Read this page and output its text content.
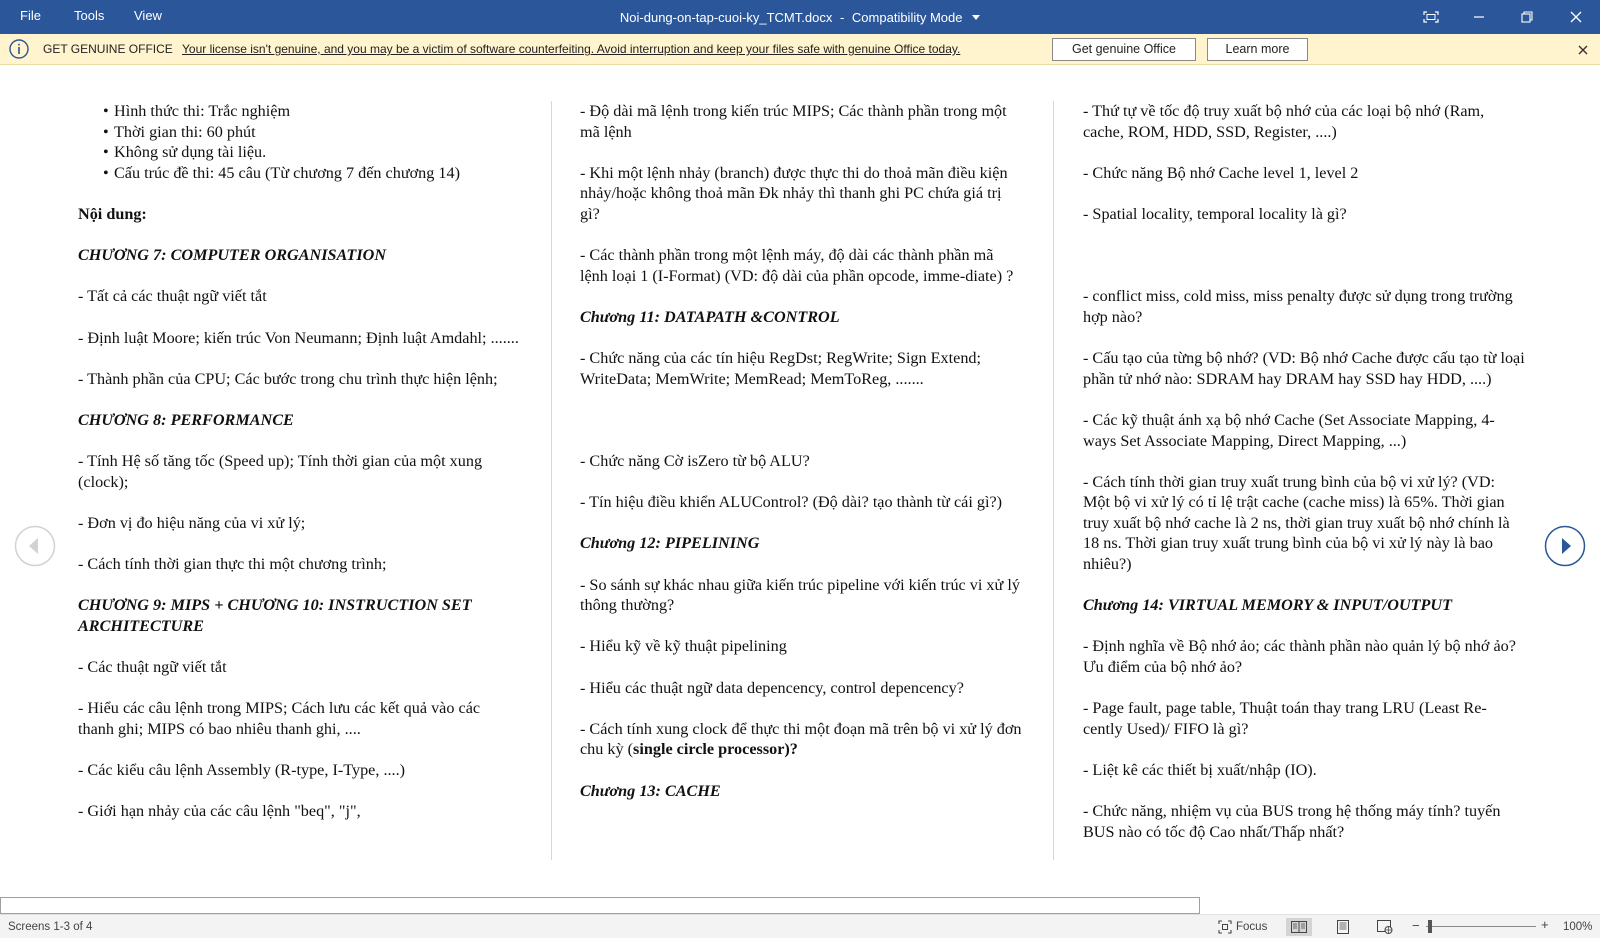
File	Tools View	Noi-dung-on-tap-cuoi-ky_TCMT.docx - Compatibility Mode
GET GENUINE OFFICE Your license isn't genuine, and you may be a victim of software counterfeiting. Avoid interruption and keep your files safe with genuine Office today.	Get genuine Office	Learn more
• Hình thức thi: Trắc nghiệm
• Thời gian thi: 60 phút
• Không sử dụng tài liệu.
• Cấu trúc đề thi: 45 câu (Từ chương 7 đến chương 14)
Nội dung:
CHƯƠNG 7: COMPUTER ORGANISATION

- Tất cả các thuật ngữ viết tắt

- Định luật Moore; kiến trúc Von Neumann; Định luật Amdahl; .......

- Thành phần của CPU; Các bước trong chu trình thực hiện lệnh;

CHƯƠNG 8: PERFORMANCE

- Tính Hệ số tăng tốc (Speed up); Tính thời gian của một xung (clock);

- Đơn vị đo hiệu năng của vi xử lý;

- Cách tính thời gian thực thi một chương trình;

CHƯƠNG 9: MIPS + CHƯƠNG 10: INSTRUCTION SET ARCHITECTURE

- Các thuật ngữ viết tắt

- Hiểu các câu lệnh trong MIPS; Cách lưu các kết quả vào các thanh ghi; MIPS có bao nhiêu thanh ghi, ....

- Các kiểu câu lệnh Assembly (R-type, I-Type, ....)

- Giới hạn nhảy của các câu lệnh "beq", "j",

- Độ dài mã lệnh trong kiến trúc MIPS; Các thành phần trong một mã lệnh

- Khi một lệnh nhảy (branch) được thực thi do thoả mãn điều kiện nhảy/hoặc không thoả mãn Đk nhảy thì thanh ghi PC chứa giá trị gì?

- Các thành phần trong một lệnh máy, độ dài các thành phần mã lệnh loại 1 (I-Format) (VD: độ dài của phần opcode, imme-diate) ?

Chương 11: DATAPATH &CONTROL

- Chức năng của các tín hiệu RegDst; RegWrite; Sign Extend; WriteData; MemWrite; MemRead; MemToReg, .......

- Chức năng Cờ isZero từ bộ ALU?

- Tín hiệu điều khiển ALUControl? (Độ dài? tạo thành từ cái gì?)

Chương 12: PIPELINING

- So sánh sự khác nhau giữa kiến trúc pipeline với kiến trúc vi xử lý thông thường?

- Hiểu kỹ về kỹ thuật pipelining

- Hiểu các thuật ngữ data depencency, control depencency?

- Cách tính xung clock để thực thi một đoạn mã trên bộ vi xử lý đơn chu kỳ (single circle processor)?

Chương 13: CACHE

- Thứ tự về tốc độ truy xuất bộ nhớ của các loại bộ nhớ (Ram, cache, ROM, HDD, SSD, Register, ....)

- Chức năng Bộ nhớ Cache level 1, level 2

- Spatial locality, temporal locality là gì?

- conflict miss, cold miss, miss penalty được sử dụng trong trường hợp nào?

- Cấu tạo của từng bộ nhớ? (VD: Bộ nhớ Cache được cấu tạo từ loại phần tử nhớ nào: SDRAM hay DRAM hay SSD hay HDD, ....)

- Các kỹ thuật ánh xạ bộ nhớ Cache (Set Associate Mapping, 4-ways Set Associate Mapping, Direct Mapping, ...)

- Cách tính thời gian truy xuất trung bình của bộ vi xử lý? (VD: Một bộ vi xử lý có tỉ lệ trật cache (cache miss) là 65%. Thời gian truy xuất bộ nhớ cache là 2 ns, thời gian truy xuất bộ nhớ chính là 18 ns. Thời gian truy xuất trung bình của bộ vi xử lý này là bao nhiêu?)

Chương 14: VIRTUAL MEMORY & INPUT/OUTPUT

- Định nghĩa về Bộ nhớ ảo; các thành phần nào quản lý bộ nhớ ảo? Ưu điểm của bộ nhớ ảo?

- Page fault, page table, Thuật toán thay trang LRU (Least Re-cently Used)/ FIFO là gì?

- Liệt kê các thiết bị xuất/nhập (IO).

- Chức năng, nhiệm vụ của BUS trong hệ thống máy tính? tuyến BUS nào có tốc độ Cao nhất/Thấp nhất?

Screens 1-3 of 4	Focus	−	+ 100%
